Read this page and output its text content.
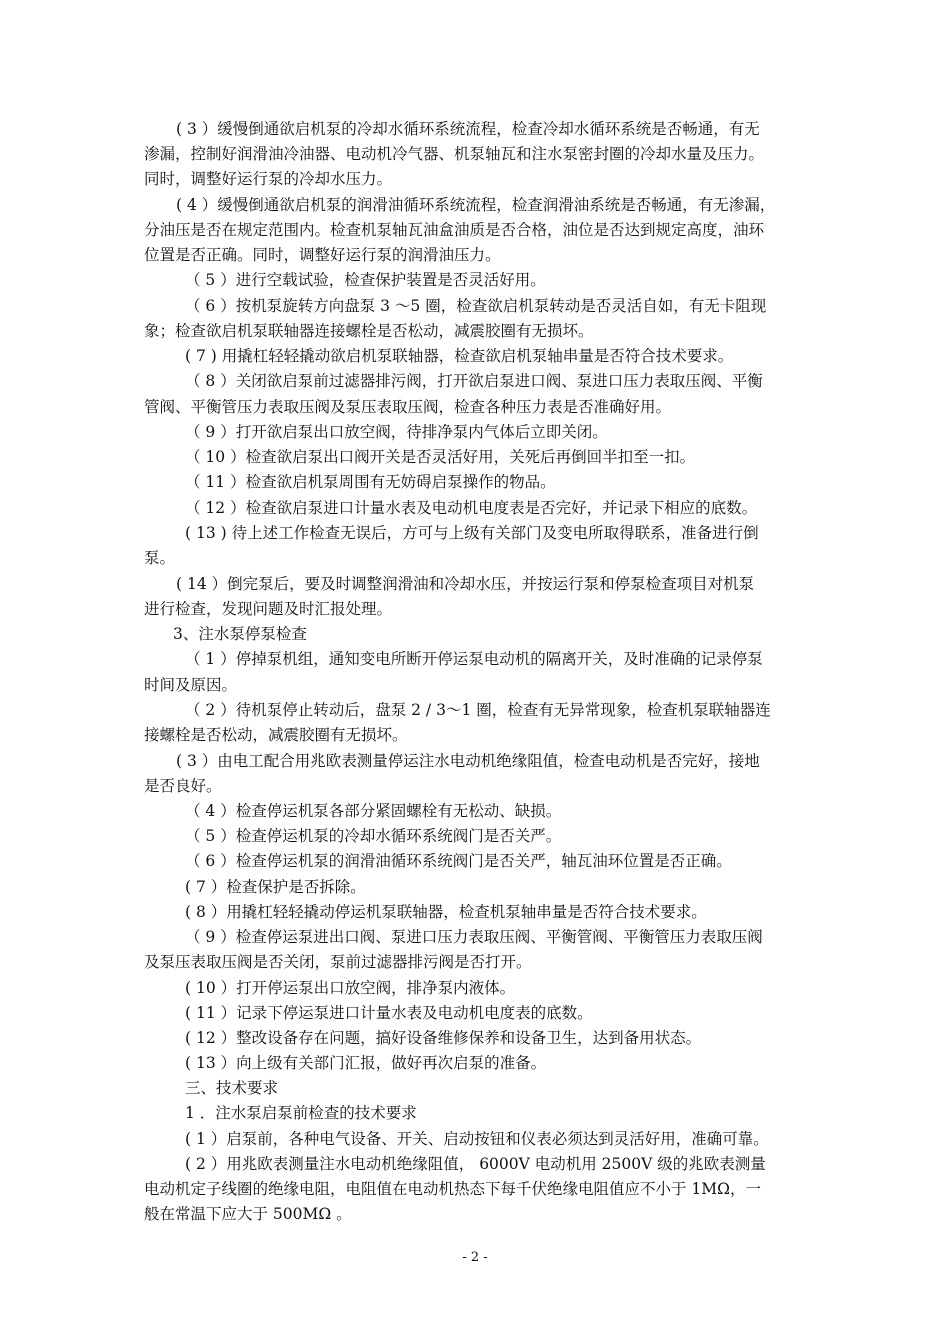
( 3 ）缓慢倒通欲启机泵的冷却水循环系统流程，检查冷却水循环系统是否畅通，有无
渗漏，控制好润滑油冷油器、电动机冷气器、机泵轴瓦和注水泵密封圈的冷却水量及压力。
同时，调整好运行泵的冷却水压力。
( 4 ）缓慢倒通欲启机泵的润滑油循环系统流程，检查润滑油系统是否畅通，有无渗漏，
分油压是否在规定范围内。检查机泵轴瓦油盒油质是否合格，油位是否达到规定高度，油环
位置是否正确。同时，调整好运行泵的润滑油压力。
（ 5 ）进行空载试验，检查保护装置是否灵活好用。
（ 6 ）按机泵旋转方向盘泵 3 ～5 圈，检查欲启机泵转动是否灵活自如，有无卡阻现
象；检查欲启机泵联轴器连接螺栓是否松动，减震胶圈有无损坏。
( 7 ) 用撬杠轻轻撬动欲启机泵联轴器，检查欲启机泵轴串量是否符合技术要求。
（ 8 ）关闭欲启泵前过滤器排污阀，打开欲启泵进口阀、泵进口压力表取压阀、平衡
管阀、平衡管压力表取压阀及泵压表取压阀，检查各种压力表是否准确好用。
（ 9 ）打开欲启泵出口放空阀，待排净泵内气体后立即关闭。
（ 10 ）检查欲启泵出口阀开关是否灵活好用，关死后再倒回半扣至一扣。
（ 11 ）检查欲启机泵周围有无妨碍启泵操作的物品。
（ 12 ）检查欲启泵进口计量水表及电动机电度表是否完好，并记录下相应的底数。
( 13 ) 待上述工作检查无误后，方可与上级有关部门及变电所取得联系，准备进行倒
泵。
( 14 ）倒完泵后，要及时调整润滑油和冷却水压，并按运行泵和停泵检查项目对机泵
进行检查，发现问题及时汇报处理。
3、注水泵停泵检查
（ 1 ）停掉泵机组，通知变电所断开停运泵电动机的隔离开关，及时准确的记录停泵
时间及原因。
（ 2 ）待机泵停止转动后，盘泵 2 / 3～1 圈，检查有无异常现象，检查机泵联轴器连
接螺栓是否松动，减震胶圈有无损坏。
( 3 ）由电工配合用兆欧表测量停运注水电动机绝缘阻值，检查电动机是否完好，接地
是否良好。
（ 4 ）检查停运机泵各部分紧固螺栓有无松动、缺损。
（ 5 ）检查停运机泵的冷却水循环系统阀门是否关严。
（ 6 ）检查停运机泵的润滑油循环系统阀门是否关严，轴瓦油环位置是否正确。
( 7 ）检查保护是否拆除。
( 8 ）用撬杠轻轻撬动停运机泵联轴器，检查机泵轴串量是否符合技术要求。
（ 9 ）检查停运泵进出口阀、泵进口压力表取压阀、平衡管阀、平衡管压力表取压阀
及泵压表取压阀是否关闭，泵前过滤器排污阀是否打开。
( 10 ）打开停运泵出口放空阀，排净泵内液体。
( 11 ）记录下停运泵进口计量水表及电动机电度表的底数。
( 12 ）整改设备存在问题，搞好设备维修保养和设备卫生，达到备用状态。
( 13 ）向上级有关部门汇报，做好再次启泵的准备。
三、技术要求
1 ．注水泵启泵前检查的技术要求
( 1 ）启泵前，各种电气设备、开关、启动按钮和仪表必须达到灵活好用，准确可靠。
( 2 ）用兆欧表测量注水电动机绝缘阻值， 6000V 电动机用 2500V 级的兆欧表测量
电动机定子线圈的绝缘电阻，电阻值在电动机热态下每千伏绝缘电阻值应不小于 1MΩ，一
般在常温下应大于 500MΩ 。
- 2 -
